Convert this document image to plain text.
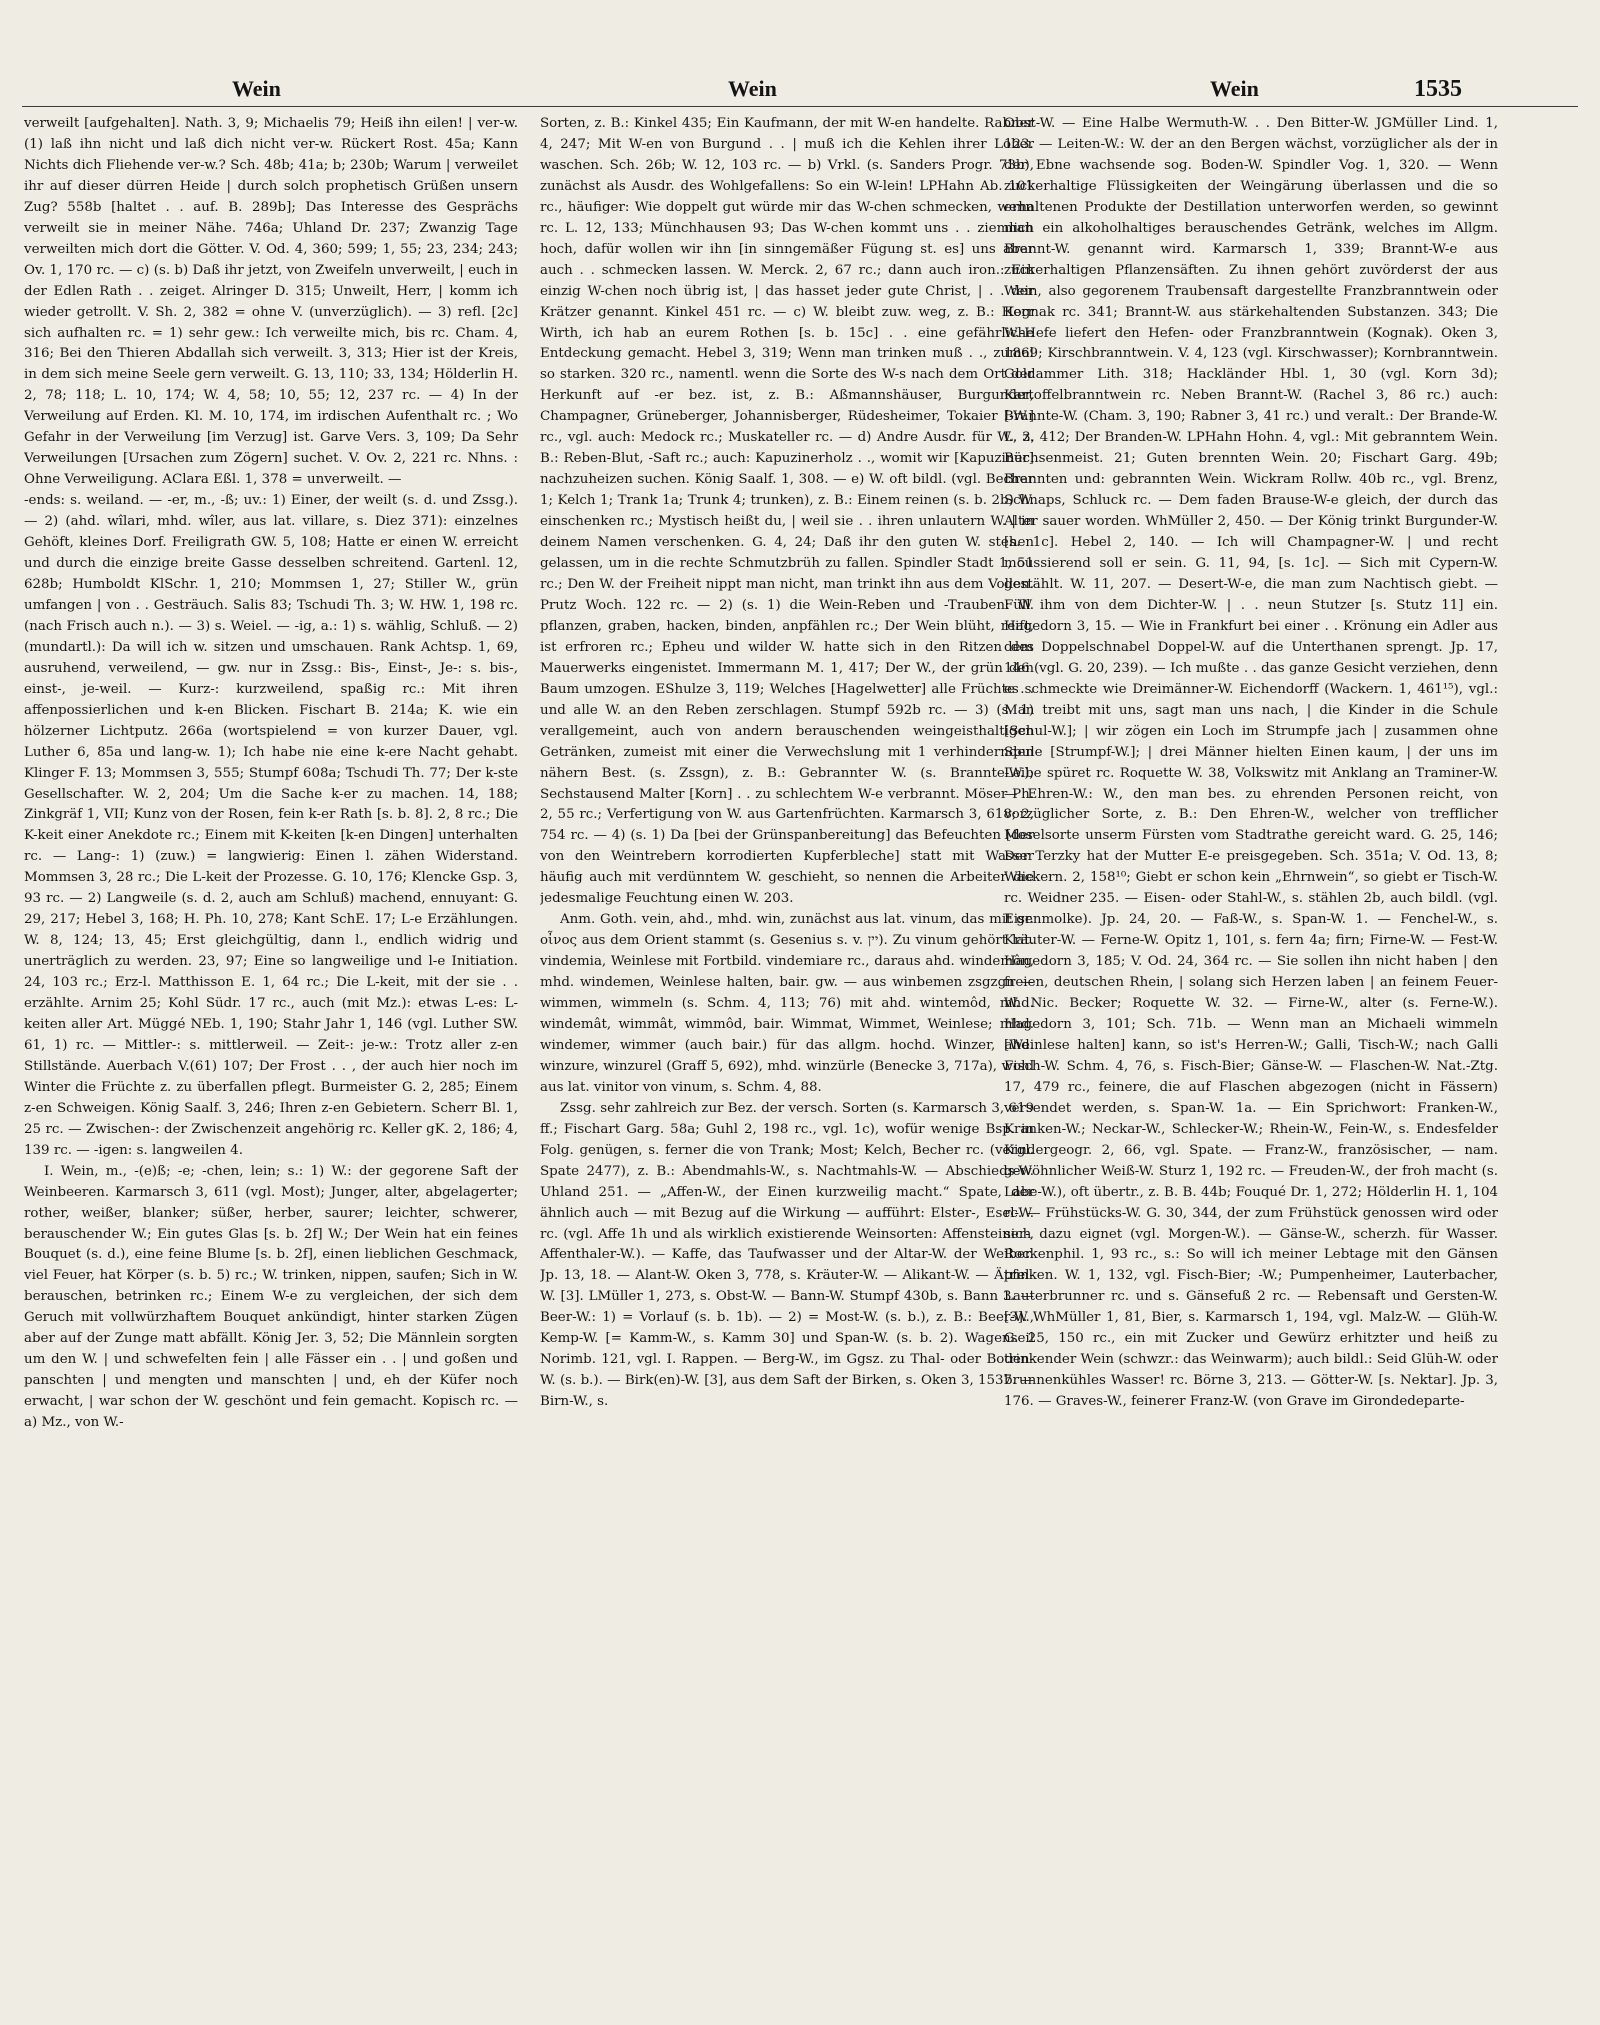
Wein	Wein	Wein	1535

verweilt [aufgehalten]. Nath. 3, 9; Michaelis 79; Heiß ihn eilen! | ver-w. (1) laß ihn nicht und laß dich nicht ver-w. Rückert Rost. 45a; Kann Nichts dich Fliehende ver-w.? Sch. 48b; 41a; b; 230b; Warum | verweilet ihr auf dieser dürren Heide | durch solch prophetisch Grüßen unsern Zug? 558b [haltet . . auf. B. 289b]; Das Interesse des Gesprächs verweilt sie in meiner Nähe. 746a; Uhland Dr. 237; Zwanzig Tage verweilten mich dort die Götter. V. Od. 4, 360; 599; 1, 55; 23, 234; 243; Ov. 1, 170 rc. — c) (s. b) Daß ihr jetzt, von Zweifeln unverweilt, | euch in der Edlen Rath . . zeiget. Alringer D. 315; Unweilt, Herr, | komm ich wieder getrollt. V. Sh. 2, 382 = ohne V. (unverzüglich). — 3) refl. [2c] sich aufhalten rc. = 1) sehr gew.: Ich verweilte mich, bis rc. Cham. 4, 316; Bei den Thieren Abdallah sich verweilt. 3, 313; Hier ist der Kreis, in dem sich meine Seele gern verweilt. G. 13, 110; 33, 134; Hölderlin H. 2, 78; 118; L. 10, 174; W. 4, 58; 10, 55; 12, 237 rc. — 4) In der Verweilung auf Erden. Kl. M. 10, 174, im irdischen Aufenthalt rc. ; Wo Gefahr in der Verweilung [im Verzug] ist. Garve Vers. 3, 109; Da Sehr Verweilungen [Ursachen zum Zögern] suchet. V. Ov. 2, 221 rc. Nhns. : Ohne Verweiligung. AClara Eßl. 1, 378 = unverweilt. —

-ends: s. weiland. — -er, m., -ß; uv.: 1) Einer, der weilt (s. d. und Zssg.). — 2) (ahd. wîlari, mhd. wîler, aus lat. villare, s. Diez 371): einzelnes Gehöft, kleines Dorf. Freiligrath GW. 5, 108; Hatte er einen W. erreicht und durch die einzige breite Gasse desselben schreitend. Gartenl. 12, 628b; Humboldt KlSchr. 1, 210; Mommsen 1, 27; Stiller W., grün umfangen | von . . Gesträuch. Salis 83; Tschudi Th. 3; W. HW. 1, 198 rc. (nach Frisch auch n.). — 3) s. Weiel. — -ig, a.: 1) s. wählig, Schluß. — 2) (mundartl.): Da will ich w. sitzen und umschauen. Rank Achtsp. 1, 69, ausruhend, verweilend, — gw. nur in Zssg.: Bis-, Einst-, Je-: s. bis-, einst-, je-weil. — Kurz-: kurzweilend, spaßig rc.: Mit ihren affenpossierlichen und k-en Blicken. Fischart B. 214a; K. wie ein hölzerner Lichtputz. 266a (wortspielend = von kurzer Dauer, vgl. Luther 6, 85a und lang-w. 1); Ich habe nie eine k-ere Nacht gehabt. Klinger F. 13; Mommsen 3, 555; Stumpf 608a; Tschudi Th. 77; Der k-ste Gesellschafter. W. 2, 204; Um die Sache k-er zu machen. 14, 188; Zinkgräf 1, VII; Kunz von der Rosen, fein k-er Rath [s. b. 8]. 2, 8 rc.; Die K-keit einer Anekdote rc.; Einem mit K-keiten [k-en Dingen] unterhalten rc. — Lang-: 1) (zuw.) = langwierig: Einen l. zähen Widerstand. Mommsen 3, 28 rc.; Die L-keit der Prozesse. G. 10, 176; Klencke Gsp. 3, 93 rc. — 2) Langweile (s. d. 2, auch am Schluß) machend, ennuyant: G. 29, 217; Hebel 3, 168; H. Ph. 10, 278; Kant SchE. 17; L-e Erzählungen. W. 8, 124; 13, 45; Erst gleichgültig, dann l., endlich widrig und unerträglich zu werden. 23, 97; Eine so langweilige und l-e Initiation. 24, 103 rc.; Erz-l. Matthisson E. 1, 64 rc.; Die L-keit, mit der sie . . erzählte. Arnim 25; Kohl Südr. 17 rc., auch (mit Mz.): etwas L-es: L-keiten aller Art. Müggé NEb. 1, 190; Stahr Jahr 1, 146 (vgl. Luther SW. 61, 1) rc. — Mittler-: s. mittlerweil. — Zeit-: je-w.: Trotz aller z-en Stillstände. Auerbach V.(61) 107; Der Frost . . , der auch hier noch im Winter die Früchte z. zu überfallen pflegt. Burmeister G. 2, 285; Einem z-en Schweigen. König Saalf. 3, 246; Ihren z-en Gebietern. Scherr Bl. 1, 25 rc. — Zwischen-: der Zwischenzeit angehörig rc. Keller gK. 2, 186; 4, 139 rc. — -igen: s. langweilen 4.

I. Wein, m., -(e)ß; -e; -chen, lein; s.: 1) W.: der gegorene Saft der Weinbeeren. Karmarsch 3, 611 (vgl. Most); Junger, alter, abgelagerter; rother, weißer, blanker; süßer, herber, saurer; leichter, schwerer, berauschender W.; Ein gutes Glas [s. b. 2f] W.; Der Wein hat ein feines Bouquet (s. d.), eine feine Blume [s. b. 2f], einen lieblichen Geschmack, viel Feuer, hat Körper (s. b. 5) rc.; W. trinken, nippen, saufen; Sich in W. berauschen, betrinken rc.; Einem W-e zu vergleichen, der sich dem Geruch mit vollwürzhaftem Bouquet ankündigt, hinter starken Zügen aber auf der Zunge matt abfällt. König Jer. 3, 52; Die Männlein sorgten um den W. | und schwefelten fein | alle Fässer ein . . | und goßen und panschten | und mengten und manschten | und, eh der Küfer noch erwacht, | war schon der W. geschönt und fein gemacht. Kopisch rc. — a) Mz., von W.-

Sorten, z. B.: Kinkel 435; Ein Kaufmann, der mit W-en handelte. Rabner 4, 247; Mit W-en von Burgund . . | muß ich die Kehlen ihrer Lober waschen. Sch. 26b; W. 12, 103 rc. — b) Vrkl. (s. Sanders Progr. 73b), zunächst als Ausdr. des Wohlgefallens: So ein W-lein! LPHahn Ab. 101 rc., häufiger: Wie doppelt gut würde mir das W-chen schmecken, wenn rc. L. 12, 133; Münchhausen 93; Das W-chen kommt uns . . ziemlich hoch, dafür wollen wir ihn [in sinngemäßer Fügung st. es] uns aber auch . . schmecken lassen. W. Merck. 2, 67 rc.; dann auch iron.: Ein einzig W-chen noch übrig ist, | das hasset jeder gute Christ, | . . der Krätzer genannt. Kinkel 451 rc. — c) W. bleibt zuw. weg, z. B.: Herr Wirth, ich hab an eurem Rothen [s. b. 15c] . . eine gefährliche Entdeckung gemacht. Hebel 3, 319; Wenn man trinken muß . ., zumal so starken. 320 rc., namentl. wenn die Sorte des W-s nach dem Ort der Herkunft auf -er bez. ist, z. B.: Aßmannshäuser, Burgunder, Champagner, Grüneberger, Johannisberger, Rüdesheimer, Tokaier [-W.] rc., vgl. auch: Medock rc.; Muskateller rc. — d) Andre Ausdr. für W., z. B.: Reben-Blut, -Saft rc.; auch: Kapuzinerholz . ., womit wir [Kapuziner] nachzuheizen suchen. König Saalf. 1, 308. — e) W. oft bildl. (vgl. Becher 1; Kelch 1; Trank 1a; Trunk 4; trunken), z. B.: Einem reinen (s. b. 2b) W. einschenken rc.; Mystisch heißt du, | weil sie . . ihren unlautern W. | in deinem Namen verschenken. G. 4, 24; Daß ihr den guten W. stehen gelassen, um in die rechte Schmutzbrüh zu fallen. Spindler Stadt 1, 51 rc.; Den W. der Freiheit nippt man nicht, man trinkt ihn aus dem Vollen. Prutz Woch. 122 rc. — 2) (s. 1) die Wein-Reben und -Trauben: W. pflanzen, graben, hacken, binden, anpfählen rc.; Der Wein blüht, reift, ist erfroren rc.; Epheu und wilder W. hatte sich in den Ritzen des Mauerwerks eingenistet. Immermann M. 1, 417; Der W., der grün den Baum umzogen. EShulze 3, 119; Welches [Hagelwetter] alle Früchte . . und alle W. an den Reben zerschlagen. Stumpf 592b rc. — 3) (s. 1) verallgemeint, auch von andern berauschenden weingeisthaltigen Getränken, zumeist mit einer die Verwechslung mit 1 verhindernden nähern Best. (s. Zssgn), z. B.: Gebrannter W. (s. Brannte-W.); Sechstausend Malter [Korn] . . zu schlechtem W-e verbrannt. Möser Ph. 2, 55 rc.; Verfertigung von W. aus Gartenfrüchten. Karmarsch 3, 618; 2, 754 rc. — 4) (s. 1) Da [bei der Grünspanbereitung] das Befeuchten [der von den Weintrebern korrodierten Kupferbleche] statt mit Wasser häufig auch mit verdünntem W. geschieht, so nennen die Arbeiter die jedesmalige Feuchtung einen W. 203.

Anm. Goth. vein, ahd., mhd. win, zunächst aus lat. vinum, das mit gr. οἶνος aus dem Orient stammt (s. Gesenius s. v. יין). Zu vinum gehört lat. vindemia, Weinlese mit Fortbild. vindemiare rc., daraus ahd. windemôn, mhd. windemen, Weinlese halten, bair. gw. — aus winbemen zsgzgn — wimmen, wimmeln (s. Schm. 4, 113; 76) mit ahd. wintemôd, mhd. windemât, wimmât, wimmôd, bair. Wimmat, Wimmet, Weinlese; mhd. windemer, wimmer (auch bair.) für das allgm. hochd. Winzer, ahd. winzure, winzurel (Graff 5, 692), mhd. winzürle (Benecke 3, 717a), wohl aus lat. vinitor von vinum, s. Schm. 4, 88.

Zssg. sehr zahlreich zur Bez. der versch. Sorten (s. Karmarsch 3, 619 ff.; Fischart Garg. 58a; Guhl 2, 198 rc., vgl. 1c), wofür wenige Bsp. in Folg. genügen, s. ferner die von Trank; Most; Kelch, Becher rc. (vergl. Spate 2477), z. B.: Abendmahls-W., s. Nachtmahls-W. — Abschieds-W. Uhland 251. — „Affen-W., der Einen kurzweilig macht.“ Spate, der ähnlich auch — mit Bezug auf die Wirkung — aufführt: Elster-, Esel-W. rc. (vgl. Affe 1h und als wirklich existierende Weinsorten: Affensteiner-, Affenthaler-W.). — Kaffe, das Taufwasser und der Altar-W. der Weiber. Jp. 13, 18. — Alant-W. Oken 3, 778, s. Kräuter-W. — Alikant-W. — Äpfel-W. [3]. LMüller 1, 273, s. Obst-W. — Bann-W. Stumpf 430b, s. Bann 3. — Beer-W.: 1) = Vorlauf (s. b. 1b). — 2) = Most-W. (s. b.), z. B.: Beer-W., Kemp-W. [= Kamm-W., s. Kamm 30] und Span-W. (s. b. 2). Wagenseil Norimb. 121, vgl. I. Rappen. — Berg-W., im Ggsz. zu Thal- oder Boden-W. (s. b.). — Birk(en)-W. [3], aus dem Saft der Birken, s. Oken 3, 1537. — Birn-W., s.

Obst-W. — Eine Halbe Wermuth-W. . . Den Bitter-W. JGMüller Lind. 1, 123. — Leiten-W.: W. der an den Bergen wächst, vorzüglicher als der in der Ebne wachsende sog. Boden-W. Spindler Vog. 1, 320. — Wenn zuckerhaltige Flüssigkeiten der Weingärung überlassen und die so erhaltenen Produkte der Destillation unterworfen werden, so gewinnt man ein alkoholhaltiges berauschendes Getränk, welches im Allgm. Brannt-W. genannt wird. Karmarsch 1, 339; Brannt-W-e aus zuckerhaltigen Pflanzensäften. Zu ihnen gehört zuvörderst der aus Wein, also gegorenem Traubensaft dargestellte Franzbranntwein oder Kognak rc. 341; Brannt-W. aus stärkehaltenden Substanzen. 343; Die W.-Hefe liefert den Hefen- oder Franzbranntwein (Kognak). Oken 3, 1869; Kirschbranntwein. V. 4, 123 (vgl. Kirschwasser); Kornbranntwein. Goldammer Lith. 318; Hackländer Hbl. 1, 30 (vgl. Korn 3d); Kartoffelbranntwein rc. Neben Brannt-W. (Rachel 3, 86 rc.) auch: Brannte-W. (Cham. 3, 190; Rabner 3, 41 rc.) und veralt.: Der Brande-W. L. 3, 412; Der Branden-W. LPHahn Hohn. 4, vgl.: Mit gebranntem Wein. Büchsenmeist. 21; Guten brennten Wein. 20; Fischart Garg. 49b; Brannten und: gebrannten Wein. Wickram Rollw. 40b rc., vgl. Brenz, Schnaps, Schluck rc. — Dem faden Brause-W-e gleich, der durch das Alter sauer worden. WhMüller 2, 450. — Der König trinkt Burgunder-W. [s. 1c]. Hebel 2, 140. — Ich will Champagner-W. | und recht moussierend soll er sein. G. 11, 94, [s. 1c]. — Sich mit Cypern-W. gestählt. W. 11, 207. — Desert-W-e, die man zum Nachtisch giebt. — Füll ihm von dem Dichter-W. | . . neun Stutzer [s. Stutz 11] ein. Hagedorn 3, 15. — Wie in Frankfurt bei einer . . Krönung ein Adler aus dem Doppelschnabel Doppel-W. auf die Unterthanen sprengt. Jp. 17, 146 (vgl. G. 20, 239). — Ich mußte . . das ganze Gesicht verziehen, denn es schmeckte wie Dreimänner-W. Eichendorff (Wackern. 1, 461¹⁵), vgl.: Man treibt mit uns, sagt man uns nach, | die Kinder in die Schule [Schul-W.]; | wir zögen ein Loch im Strumpfe jach | zusammen ohne Spule [Strumpf-W.]; | drei Männer hielten Einen kaum, | der uns im Leibe spüret rc. Roquette W. 38, Volkswitz mit Anklang an Traminer-W. — Ehren-W.: W., den man bes. zu ehrenden Personen reicht, von vorzüglicher Sorte, z. B.: Den Ehren-W., welcher von trefflicher Moselsorte unserm Fürsten vom Stadtrathe gereicht ward. G. 25, 146; Der Terzky hat der Mutter E-e preisgegeben. Sch. 351a; V. Od. 13, 8; Wackern. 2, 158¹⁰; Giebt er schon kein „Ehrnwein“, so giebt er Tisch-W. rc. Weidner 235. — Eisen- oder Stahl-W., s. stählen 2b, auch bildl. (vgl. Eisenmolke). Jp. 24, 20. — Faß-W., s. Span-W. 1. — Fenchel-W., s. Kräuter-W. — Ferne-W. Opitz 1, 101, s. fern 4a; firn; Firne-W. — Fest-W. Hagedorn 3, 185; V. Od. 24, 364 rc. — Sie sollen ihn nicht haben | den freien, deutschen Rhein, | solang sich Herzen laben | an feinem Feuer-W. Nic. Becker; Roquette W. 32. — Firne-W., alter (s. Ferne-W.). Hagedorn 3, 101; Sch. 71b. — Wenn man an Michaeli wimmeln [Weinlese halten] kann, so ist's Herren-W.; Galli, Tisch-W.; nach Galli Fisch-W. Schm. 4, 76, s. Fisch-Bier; Gänse-W. — Flaschen-W. Nat.-Ztg. 17, 479 rc., feinere, die auf Flaschen abgezogen (nicht in Fässern) versendet werden, s. Span-W. 1a. — Ein Sprichwort: Franken-W., Kranken-W.; Neckar-W., Schlecker-W.; Rhein-W., Fein-W., s. Endesfelder Kindergeogr. 2, 66, vgl. Spate. — Franz-W., französischer, — nam. gewöhnlicher Weiß-W. Sturz 1, 192 rc. — Freuden-W., der froh macht (s. Labe-W.), oft übertr., z. B. B. 44b; Fouqué Dr. 1, 272; Hölderlin H. 1, 104 rc. — Frühstücks-W. G. 30, 344, der zum Frühstück genossen wird oder sich dazu eignet (vgl. Morgen-W.). — Gänse-W., scherzh. für Wasser. Rockenphil. 1, 93 rc., s.: So will ich meiner Lebtage mit den Gänsen trinken. W. 1, 132, vgl. Fisch-Bier; -W.; Pumpenheimer, Lauterbacher, Lauterbrunner rc. und s. Gänsefuß 2 rc. — Rebensaft und Gersten-W. [3]. WhMüller 1, 81, Bier, s. Karmarsch 1, 194, vgl. Malz-W. — Glüh-W. G. 25, 150 rc., ein mit Zucker und Gewürz erhitzter und heiß zu trinkender Wein (schwzr.: das Weinwarm); auch bildl.: Seid Glüh-W. oder brunnenkühles Wasser! rc. Börne 3, 213. — Götter-W. [s. Nektar]. Jp. 3, 176. — Graves-W., feinerer Franz-W. (von Grave im Girondedeparte-
